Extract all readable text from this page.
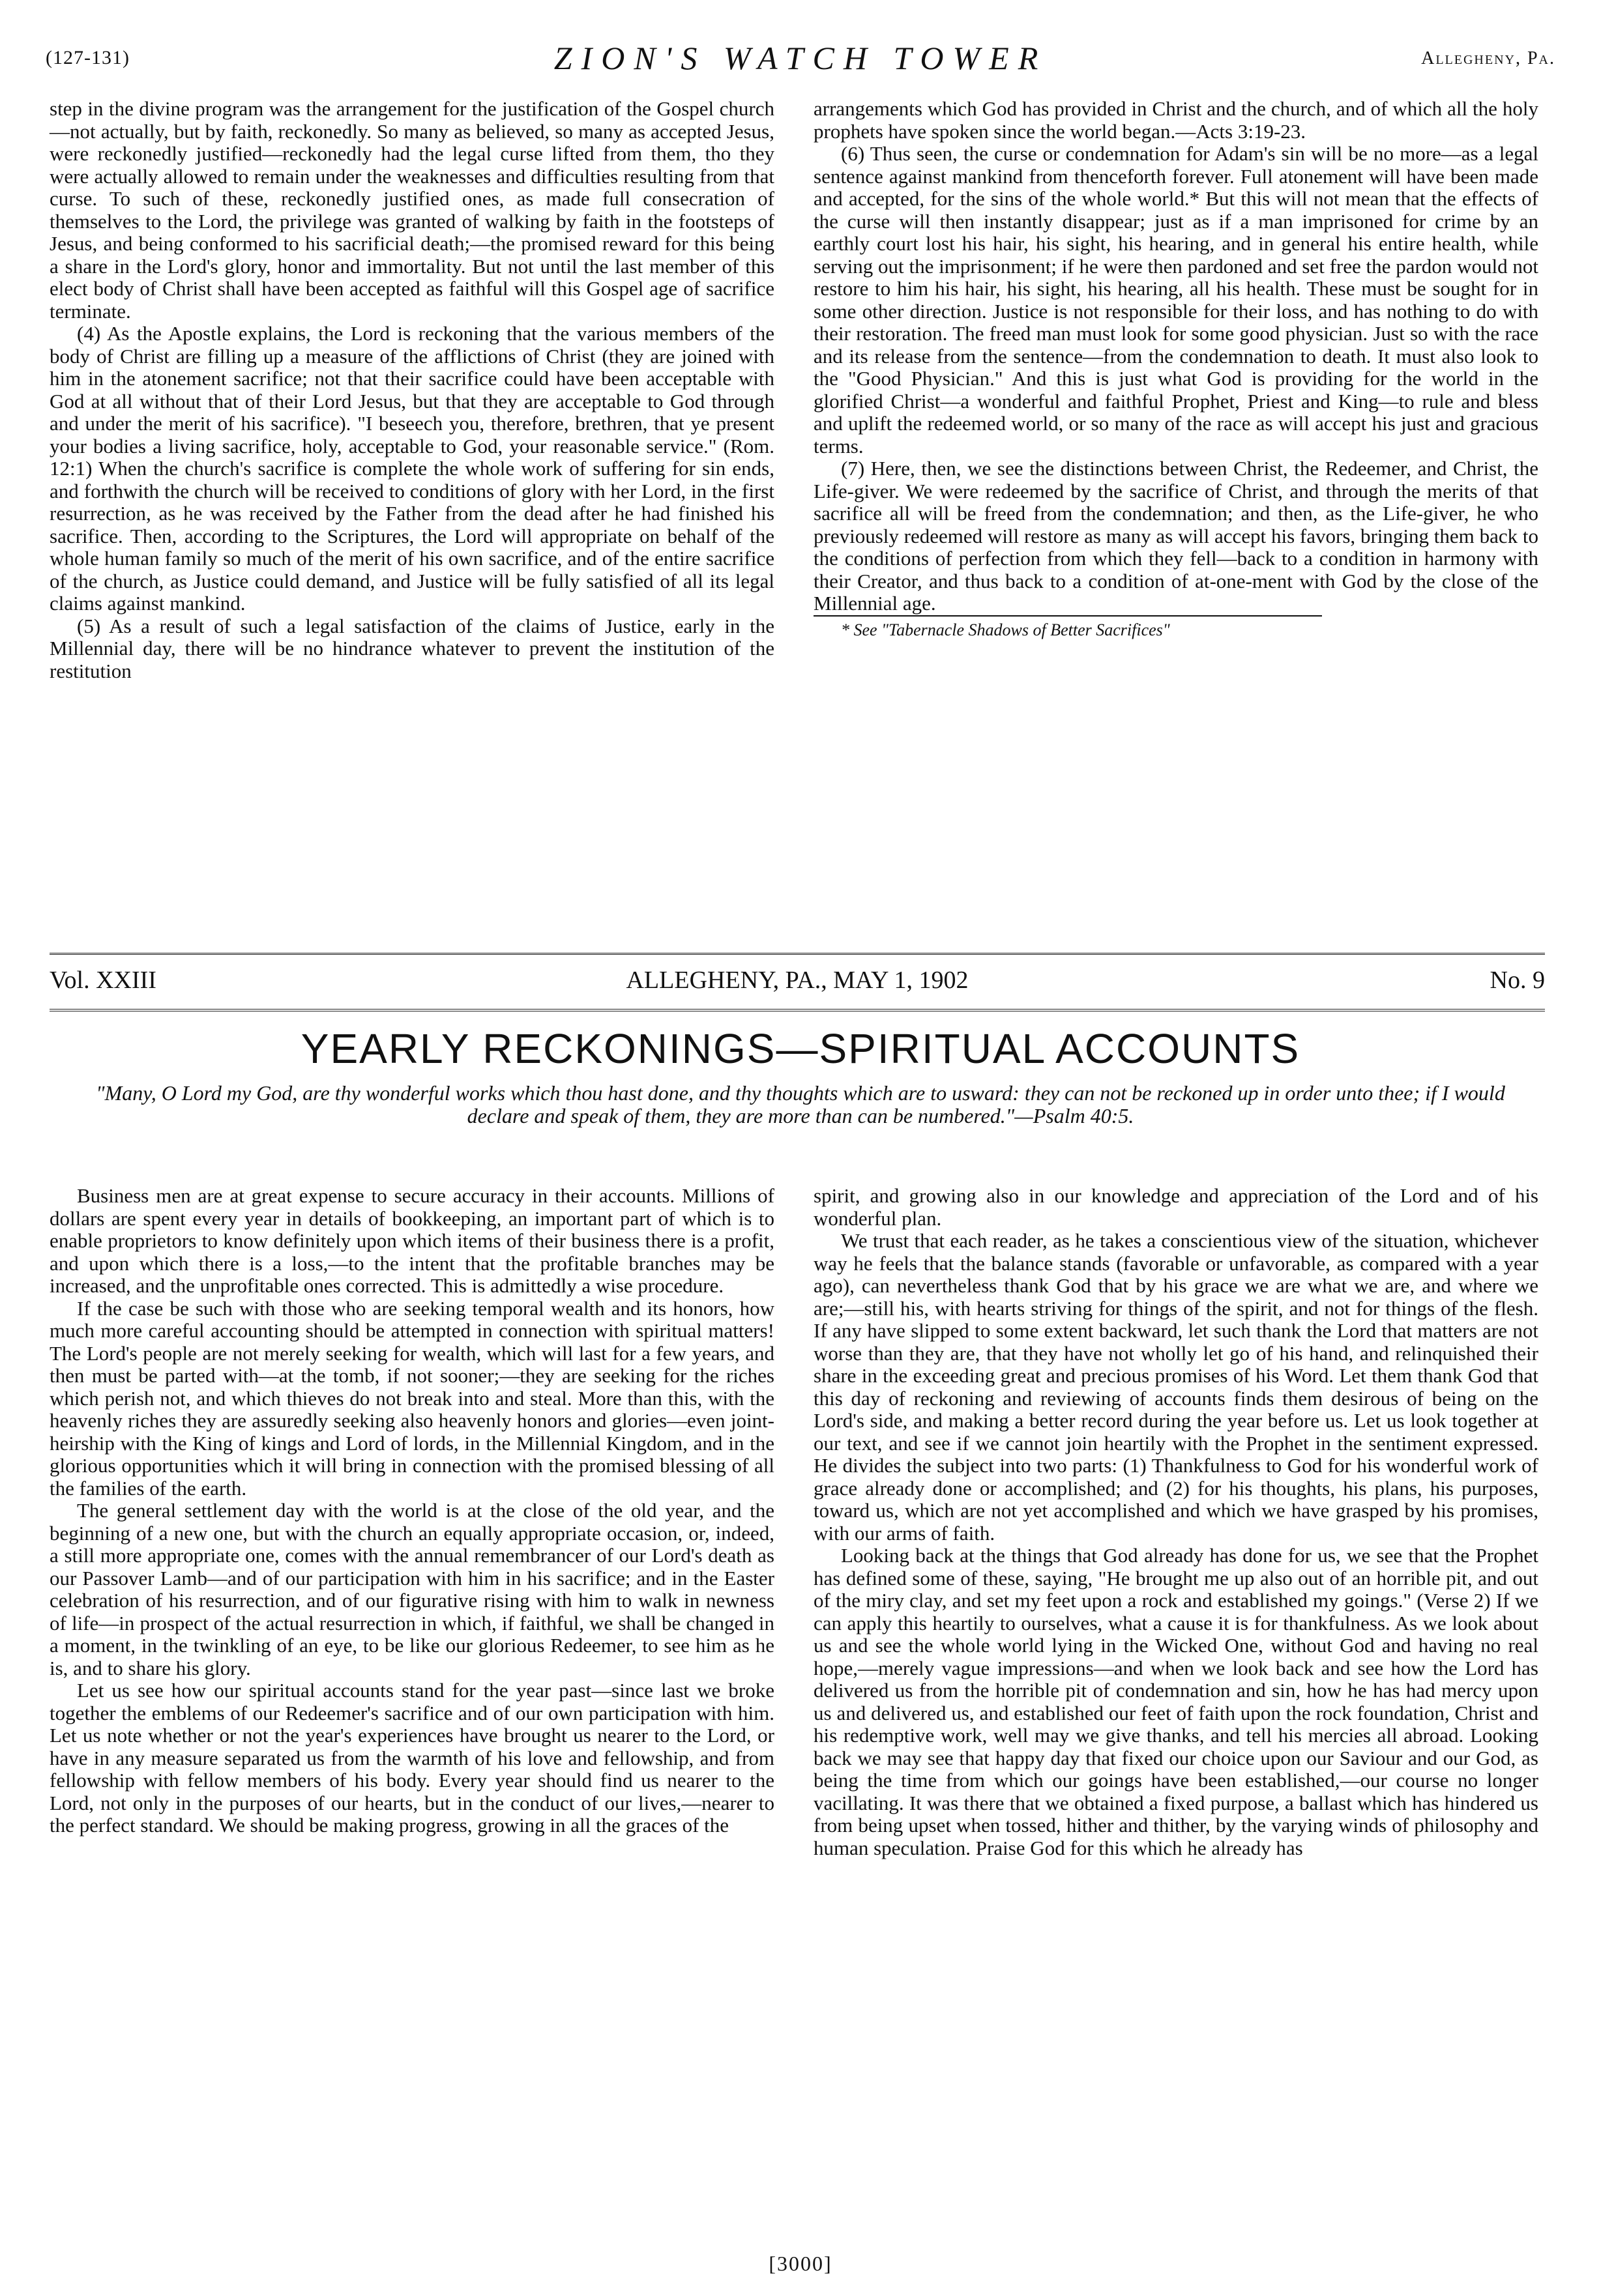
(127-131)	ZION'S WATCH TOWER	Allegheny, Pa.

step in the divine program was the arrangement for the justification of the Gospel church—not actually, but by faith, reckonedly. So many as believed, so many as accepted Jesus, were reckonedly justified—reckonedly had the legal curse lifted from them, tho they were actually allowed to remain under the weaknesses and difficulties resulting from that curse. To such of these, reckonedly justified ones, as made full consecration of themselves to the Lord, the privilege was granted of walking by faith in the footsteps of Jesus, and being conformed to his sacrificial death;—the promised reward for this being a share in the Lord's glory, honor and immortality. But not until the last member of this elect body of Christ shall have been accepted as faithful will this Gospel age of sacrifice terminate.

(4) As the Apostle explains, the Lord is reckoning that the various members of the body of Christ are filling up a measure of the afflictions of Christ (they are joined with him in the atonement sacrifice; not that their sacrifice could have been acceptable with God at all without that of their Lord Jesus, but that they are acceptable to God through and under the merit of his sacrifice). "I beseech you, therefore, brethren, that ye present your bodies a living sacrifice, holy, acceptable to God, your reasonable service." (Rom. 12:1) When the church's sacrifice is complete the whole work of suffering for sin ends, and forthwith the church will be received to conditions of glory with her Lord, in the first resurrection, as he was received by the Father from the dead after he had finished his sacrifice. Then, according to the Scriptures, the Lord will appropriate on behalf of the whole human family so much of the merit of his own sacrifice, and of the entire sacrifice of the church, as Justice could demand, and Justice will be fully satisfied of all its legal claims against mankind.

(5) As a result of such a legal satisfaction of the claims of Justice, early in the Millennial day, there will be no hindrance whatever to prevent the institution of the restitution

arrangements which God has provided in Christ and the church, and of which all the holy prophets have spoken since the world began.—Acts 3:19-23.

(6) Thus seen, the curse or condemnation for Adam's sin will be no more—as a legal sentence against mankind from thenceforth forever. Full atonement will have been made and accepted, for the sins of the whole world.* But this will not mean that the effects of the curse will then instantly disappear; just as if a man imprisoned for crime by an earthly court lost his hair, his sight, his hearing, and in general his entire health, while serving out the imprisonment; if he were then pardoned and set free the pardon would not restore to him his hair, his sight, his hearing, all his health. These must be sought for in some other direction. Justice is not responsible for their loss, and has nothing to do with their restoration. The freed man must look for some good physician. Just so with the race and its release from the sentence—from the condemnation to death. It must also look to the "Good Physician." And this is just what God is providing for the world in the glorified Christ—a wonderful and faithful Prophet, Priest and King—to rule and bless and uplift the redeemed world, or so many of the race as will accept his just and gracious terms.

(7) Here, then, we see the distinctions between Christ, the Redeemer, and Christ, the Life-giver. We were redeemed by the sacrifice of Christ, and through the merits of that sacrifice all will be freed from the condemnation; and then, as the Life-giver, he who previously redeemed will restore as many as will accept his favors, bringing them back to the conditions of perfection from which they fell—back to a condition in harmony with their Creator, and thus back to a condition of at-one-ment with God by the close of the Millennial age.

* See "Tabernacle Shadows of Better Sacrifices"

Vol. XXIII	ALLEGHENY, PA., MAY 1, 1902	No. 9
YEARLY RECKONINGS—SPIRITUAL ACCOUNTS
"Many, O Lord my God, are thy wonderful works which thou hast done, and thy thoughts which are to usward: they can not be reckoned up in order unto thee; if I would declare and speak of them, they are more than can be numbered."—Psalm 40:5.

Business men are at great expense to secure accuracy in their accounts. Millions of dollars are spent every year in details of bookkeeping, an important part of which is to enable proprietors to know definitely upon which items of their business there is a profit, and upon which there is a loss,—to the intent that the profitable branches may be increased, and the unprofitable ones corrected. This is admittedly a wise procedure.

If the case be such with those who are seeking temporal wealth and its honors, how much more careful accounting should be attempted in connection with spiritual matters! The Lord's people are not merely seeking for wealth, which will last for a few years, and then must be parted with—at the tomb, if not sooner;—they are seeking for the riches which perish not, and which thieves do not break into and steal. More than this, with the heavenly riches they are assuredly seeking also heavenly honors and glories—even joint-heirship with the King of kings and Lord of lords, in the Millennial Kingdom, and in the glorious opportunities which it will bring in connection with the promised blessing of all the families of the earth.

The general settlement day with the world is at the close of the old year, and the beginning of a new one, but with the church an equally appropriate occasion, or, indeed, a still more appropriate one, comes with the annual remembrancer of our Lord's death as our Passover Lamb—and of our participation with him in his sacrifice; and in the Easter celebration of his resurrection, and of our figurative rising with him to walk in newness of life—in prospect of the actual resurrection in which, if faithful, we shall be changed in a moment, in the twinkling of an eye, to be like our glorious Redeemer, to see him as he is, and to share his glory.

Let us see how our spiritual accounts stand for the year past—since last we broke together the emblems of our Redeemer's sacrifice and of our own participation with him. Let us note whether or not the year's experiences have brought us nearer to the Lord, or have in any measure separated us from the warmth of his love and fellowship, and from fellowship with fellow members of his body. Every year should find us nearer to the Lord, not only in the purposes of our hearts, but in the conduct of our lives,—nearer to the perfect standard. We should be making progress, growing in all the graces of the

spirit, and growing also in our knowledge and appreciation of the Lord and of his wonderful plan.

We trust that each reader, as he takes a conscientious view of the situation, whichever way he feels that the balance stands (favorable or unfavorable, as compared with a year ago), can nevertheless thank God that by his grace we are what we are, and where we are;—still his, with hearts striving for things of the spirit, and not for things of the flesh. If any have slipped to some extent backward, let such thank the Lord that matters are not worse than they are, that they have not wholly let go of his hand, and relinquished their share in the exceeding great and precious promises of his Word. Let them thank God that this day of reckoning and reviewing of accounts finds them desirous of being on the Lord's side, and making a better record during the year before us. Let us look together at our text, and see if we cannot join heartily with the Prophet in the sentiment expressed. He divides the subject into two parts: (1) Thankfulness to God for his wonderful work of grace already done or accomplished; and (2) for his thoughts, his plans, his purposes, toward us, which are not yet accomplished and which we have grasped by his promises, with our arms of faith.

Looking back at the things that God already has done for us, we see that the Prophet has defined some of these, saying, "He brought me up also out of an horrible pit, and out of the miry clay, and set my feet upon a rock and established my goings." (Verse 2) If we can apply this heartily to ourselves, what a cause it is for thankfulness. As we look about us and see the whole world lying in the Wicked One, without God and having no real hope,—merely vague impressions—and when we look back and see how the Lord has delivered us from the horrible pit of condemnation and sin, how he has had mercy upon us and delivered us, and established our feet of faith upon the rock foundation, Christ and his redemptive work, well may we give thanks, and tell his mercies all abroad. Looking back we may see that happy day that fixed our choice upon our Saviour and our God, as being the time from which our goings have been established,—our course no longer vacillating. It was there that we obtained a fixed purpose, a ballast which has hindered us from being upset when tossed, hither and thither, by the varying winds of philosophy and human speculation. Praise God for this which he already has

[3000]
